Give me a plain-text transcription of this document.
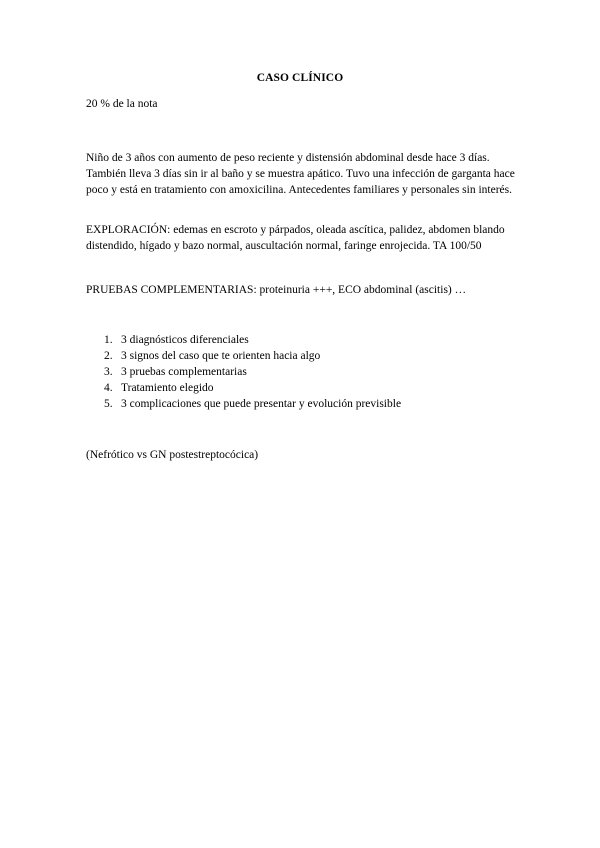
CASO CLÍNICO
20 % de la nota
Niño de 3 años con aumento de peso reciente y distensión abdominal desde hace 3 días. También lleva 3 días sin ir al baño y se muestra apático. Tuvo una infección de garganta hace poco y está en tratamiento con amoxicilina. Antecedentes familiares y personales sin interés.
EXPLORACIÓN: edemas en escroto y párpados, oleada ascítica, palidez, abdomen blando distendido, hígado y bazo normal, auscultación normal, faringe enrojecida. TA 100/50
PRUEBAS COMPLEMENTARIAS: proteinuria +++, ECO abdominal (ascitis) …
1. 3 diagnósticos diferenciales
2. 3 signos del caso que te orienten hacia algo
3. 3 pruebas complementarias
4. Tratamiento elegido
5. 3 complicaciones que puede presentar y evolución previsible
(Nefrótico vs GN postestreptocócica)
